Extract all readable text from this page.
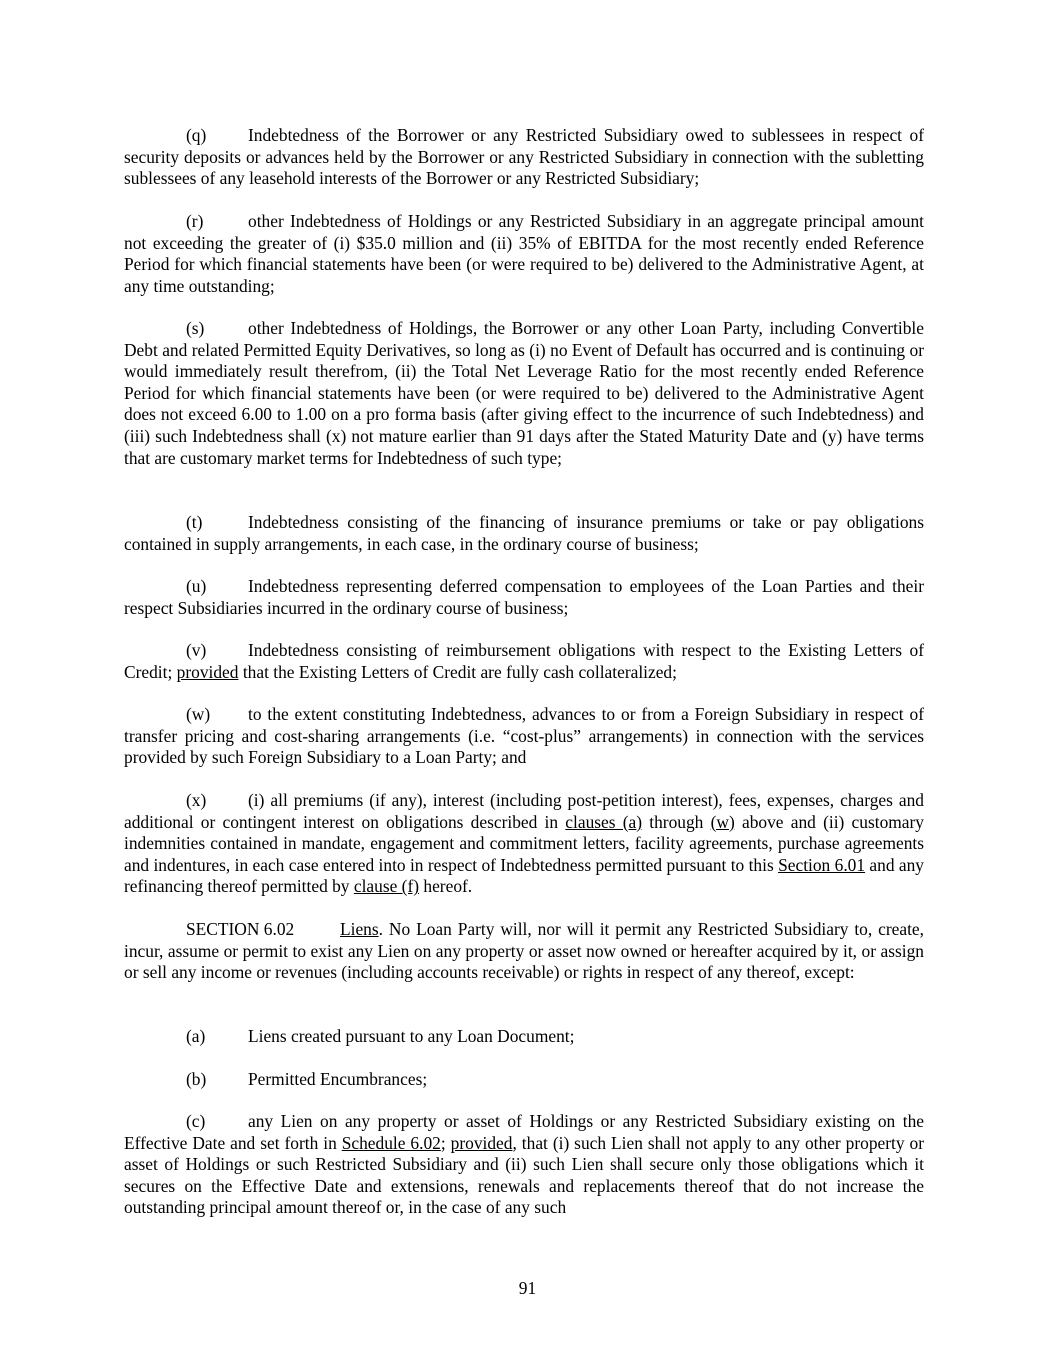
(q) Indebtedness of the Borrower or any Restricted Subsidiary owed to sublessees in respect of security deposits or advances held by the Borrower or any Restricted Subsidiary in connection with the subletting sublessees of any leasehold interests of the Borrower or any Restricted Subsidiary;

(r)	other Indebtedness of Holdings or any Restricted Subsidiary in an aggregate principal amount not exceeding the greater of (i) $35.0 million and (ii) 35% of EBITDA for the most recently ended Reference Period for which financial statements have been (or were required to be) delivered to the Administrative Agent, at any time outstanding;

(s)	other Indebtedness of Holdings, the Borrower or any other Loan Party, including Convertible Debt and related Permitted Equity Derivatives, so long as (i) no Event of Default has occurred and is continuing or would immediately result therefrom, (ii) the Total Net Leverage Ratio for the most recently ended Reference Period for which financial statements have been (or were required to be) delivered to the Administrative Agent does not exceed 6.00 to 1.00 on a pro forma basis (after giving effect to the incurrence of such Indebtedness) and (iii) such Indebtedness shall (x) not mature earlier than 91 days after the Stated Maturity Date and (y) have terms that are customary market terms for Indebtedness of such type;

(t)	Indebtedness consisting of the financing of insurance premiums or take or pay obligations contained in supply arrangements, in each case, in the ordinary course of business;

(u) Indebtedness representing deferred compensation to employees of the Loan Parties and their respect Subsidiaries incurred in the ordinary course of business;

(v) Indebtedness consisting of reimbursement obligations with respect to the Existing Letters of Credit; provided that the Existing Letters of Credit are fully cash collateralized;

(w) to the extent constituting Indebtedness, advances to or from a Foreign Subsidiary in respect of transfer pricing and cost-sharing arrangements (i.e. “cost-plus” arrangements) in connection with the services provided by such Foreign Subsidiary to a Loan Party; and

(x) (i) all premiums (if any), interest (including post-petition interest), fees, expenses, charges and additional or contingent interest on obligations described in clauses (a) through (w) above and (ii) customary indemnities contained in mandate, engagement and commitment letters, facility agreements, purchase agreements and indentures, in each case entered into in respect of Indebtedness permitted pursuant to this Section 6.01 and any refinancing thereof permitted by clause (f) hereof.

SECTION 6.02	Liens. No Loan Party will, nor will it permit any Restricted Subsidiary to, create, incur, assume or permit to exist any Lien on any property or asset now owned or hereafter acquired by it, or assign or sell any income or revenues (including accounts receivable) or rights in respect of any thereof, except:

(a) Liens created pursuant to any Loan Document;

(b) Permitted Encumbrances;

(c) any Lien on any property or asset of Holdings or any Restricted Subsidiary existing on the Effective Date and set forth in Schedule 6.02; provided, that (i) such Lien shall not apply to any other property or asset of Holdings or such Restricted Subsidiary and (ii) such Lien shall secure only those obligations which it secures on the Effective Date and extensions, renewals and replacements thereof that do not increase the outstanding principal amount thereof or, in the case of any such

91
